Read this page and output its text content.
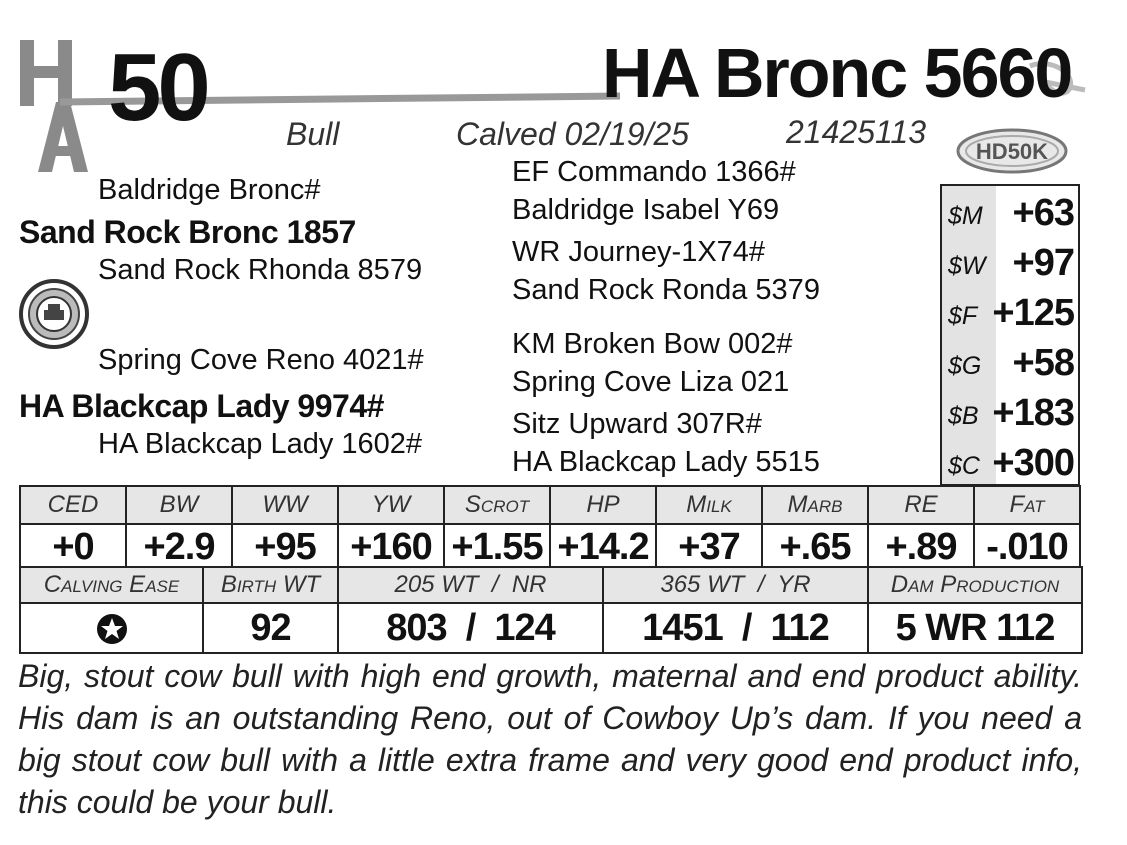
50	HA Bronc 5660
Bull	Calved 02/19/25	21425113
HD50K
Baldridge Bronc#
Sand Rock Bronc 1857
Sand Rock Rhonda 8579
Spring Cove Reno 4021#
HA Blackcap Lady 9974#
HA Blackcap Lady 1602#
EF Commando 1366#
Baldridge Isabel Y69
WR Journey-1X74#
Sand Rock Ronda 5379
KM Broken Bow 002#
Spring Cove Liza 021
Sitz Upward 307R#
HA Blackcap Lady 5515
$M +63
$W +97
$F +125
$G +58
$B +183
$C +300
CED	BW	WW	YW	Scrot	HP	Milk	Marb	RE	Fat
+0	+2.9	+95	+160	+1.55	+14.2	+37	+.65	+.89	-.010
Calving Ease	Birth WT	205 WT  /  NR	365 WT  /  YR	Dam Production
	92	803  /  124	1451  /  112	5 WR 112
Big, stout cow bull with high end growth, maternal and end product ability. His dam is an outstanding Reno, out of Cowboy Up’s dam. If you need a big stout cow bull with a little extra frame and very good end product info, this could be your bull.
